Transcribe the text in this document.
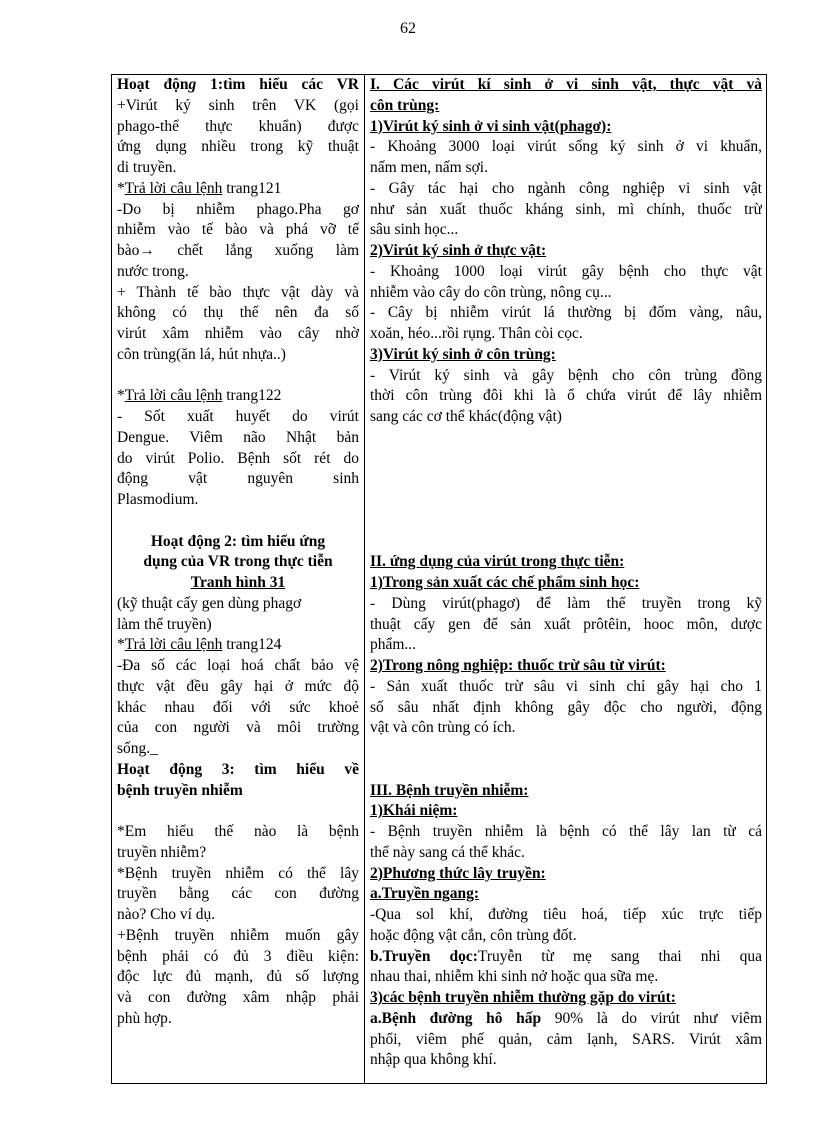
62
Hoạt động 1:tìm hiểu các VR
+Virút ký sinh trên VK (gọi
phago-thể thực khuẩn) được
ứng dụng nhiều trong kỹ thuật
di truyền.
*Trả lời câu lệnh trang121
-Do bị nhiễm phago.Pha gơ
nhiễm vào tế bào và phá vỡ tế
bào→ chết lắng xuống làm
nước trong.
+ Thành tế bào thực vật dày và
không có thụ thể nên đa số
virút xâm nhiễm vào cây nhờ
côn trùng(ăn lá, hút nhựa..)
*Trả lời câu lệnh trang122
- Sốt xuất huyết do virút
Dengue. Viêm não Nhật bản
do virút Polio. Bệnh sốt rét do
động vật nguyên sinh
Plasmodium.
Hoạt động 2: tìm hiểu ứng
dụng của VR trong thực tiễn
Tranh hình 31
(kỹ thuật cấy gen dùng phagơ
làm thể truyền)
*Trả lời câu lệnh trang124
-Đa số các loại hoá chất bảo vệ
thực vật đều gây hại ở mức độ
khác nhau đối với sức khoẻ
của con người và môi trường
sống._
Hoạt động 3: tìm hiểu về
bệnh truyền nhiễm
*Em hiểu thế nào là bệnh
truyền nhiễm?
*Bệnh truyền nhiễm có thể lây
truyền bằng các con đường
nào? Cho ví dụ.
+Bệnh truyền nhiễm muốn gây
bệnh phải có đủ 3 điều kiện:
độc lực đủ mạnh, đủ số lượng
và con đường xâm nhập phải
phù hợp.
I. Các virút kí sinh ở vi sinh vật, thực vật và
côn trùng:
1)Virút ký sinh ở vi sinh vật(phagơ):
- Khoảng 3000 loại virút sống ký sinh ở vi khuẩn,
nấm men, nấm sợi.
- Gây tác hại cho ngành công nghiệp vi sinh vật
như sản xuất thuốc kháng sinh, mì chính, thuốc trừ
sâu sinh học...
2)Virút ký sinh ở thực vật:
- Khoảng 1000 loại virút gây bệnh cho thực vật
nhiễm vào cây do côn trùng, nông cụ...
- Cây bị nhiễm virút lá thường bị đốm vàng, nâu,
xoăn, héo...rồi rụng. Thân còi cọc.
3)Virút ký sinh ở côn trùng:
- Virút ký sinh và gây bệnh cho côn trùng đồng
thời côn trùng đôi khi là ổ chứa virút để lây nhiễm
sang các cơ thể khác(động vật)
II. ứng dụng của virút trong thực tiễn:
1)Trong sản xuất các chế phẩm sinh học:
- Dùng virút(phagơ) để làm thể truyền trong kỹ
thuật cấy gen để sản xuất prôtêin, hooc môn, dược
phẩm...
2)Trong nông nghiệp: thuốc trừ sâu từ virút:
- Sản xuất thuốc trừ sâu vi sinh chỉ gây hại cho 1
số sâu nhất định không gây độc cho người, động
vật và côn trùng có ích.
III. Bệnh truyền nhiễm:
1)Khái niệm:
- Bệnh truyền nhiễm là bệnh có thể lây lan từ cá
thể này sang cá thể khác.
2)Phương thức lây truyền:
a.Truyền ngang:
-Qua sol khí, đường tiêu hoá, tiếp xúc trực tiếp
hoặc động vật cắn, côn trùng đốt.
b.Truyền dọc:Truyễn từ mẹ sang thai nhi qua
nhau thai, nhiễm khi sinh nở hoặc qua sữa mẹ.
3)các bệnh truyền nhiễm thường gặp do virút:
a.Bệnh đường hô hấp 90% là do virút như viêm
phổi, viêm phế quản, cảm lạnh, SARS. Virút xâm
nhập qua không khí.
